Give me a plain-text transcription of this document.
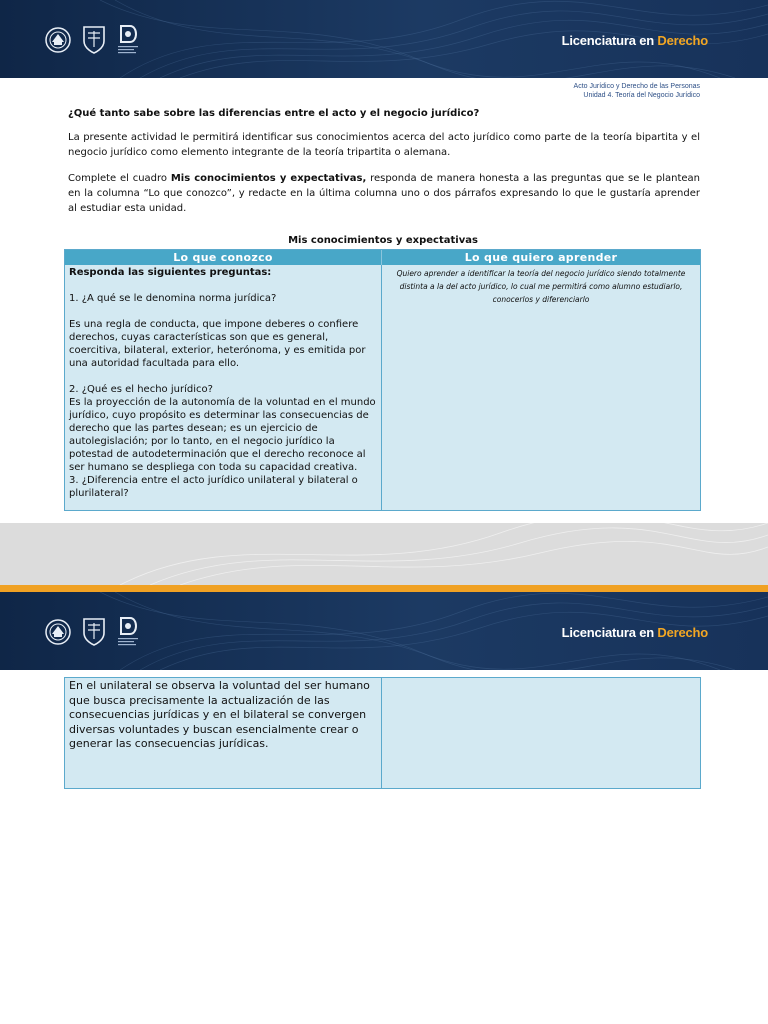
Licenciatura en Derecho
Acto Jurídico y Derecho de las Personas
Unidad 4. Teoría del Negocio Jurídico
¿Qué tanto sabe sobre las diferencias entre el acto y el negocio jurídico?
La presente actividad le permitirá identificar sus conocimientos acerca del acto jurídico como parte de la teoría bipartita y el negocio jurídico como elemento integrante de la teoría tripartita o alemana.
Complete el cuadro Mis conocimientos y expectativas, responda de manera honesta a las preguntas que se le plantean en la columna “Lo que conozco”, y redacte en la última columna uno o dos párrafos expresando lo que le gustaría aprender al estudiar esta unidad.
Mis conocimientos y expectativas
Lo que conozco	Lo que quiero aprender

Responda las siguientes preguntas:

1. ¿A qué se le denomina norma jurídica?

Es una regla de conducta, que impone deberes o confiere derechos, cuyas características son que es general, coercitiva, bilateral, exterior, heterónoma, y es emitida por una autoridad facultada para ello.

2. ¿Qué es el hecho jurídico?

Es la proyección de la autonomía de la voluntad en el mundo jurídico, cuyo propósito es determinar las consecuencias de derecho que las partes desean; es un ejercicio de autolegislación; por lo tanto, en el negocio jurídico la potestad de autodeterminación que el derecho reconoce al ser humano se despliega con toda su capacidad creativa.

3. ¿Diferencia entre el acto jurídico unilateral y bilateral o plurilateral?

Quiero aprender a identificar la teoría del negocio jurídico siendo totalmente distinta a la del acto jurídico, lo cual me permitirá como alumno estudiarlo, conocerlos y diferenciarlo
Licenciatura en Derecho
En el unilateral se observa la voluntad del ser humano que busca precisamente la actualización de las consecuencias jurídicas y en el bilateral se convergen diversas voluntades y buscan esencialmente crear o generar las consecuencias jurídicas.
